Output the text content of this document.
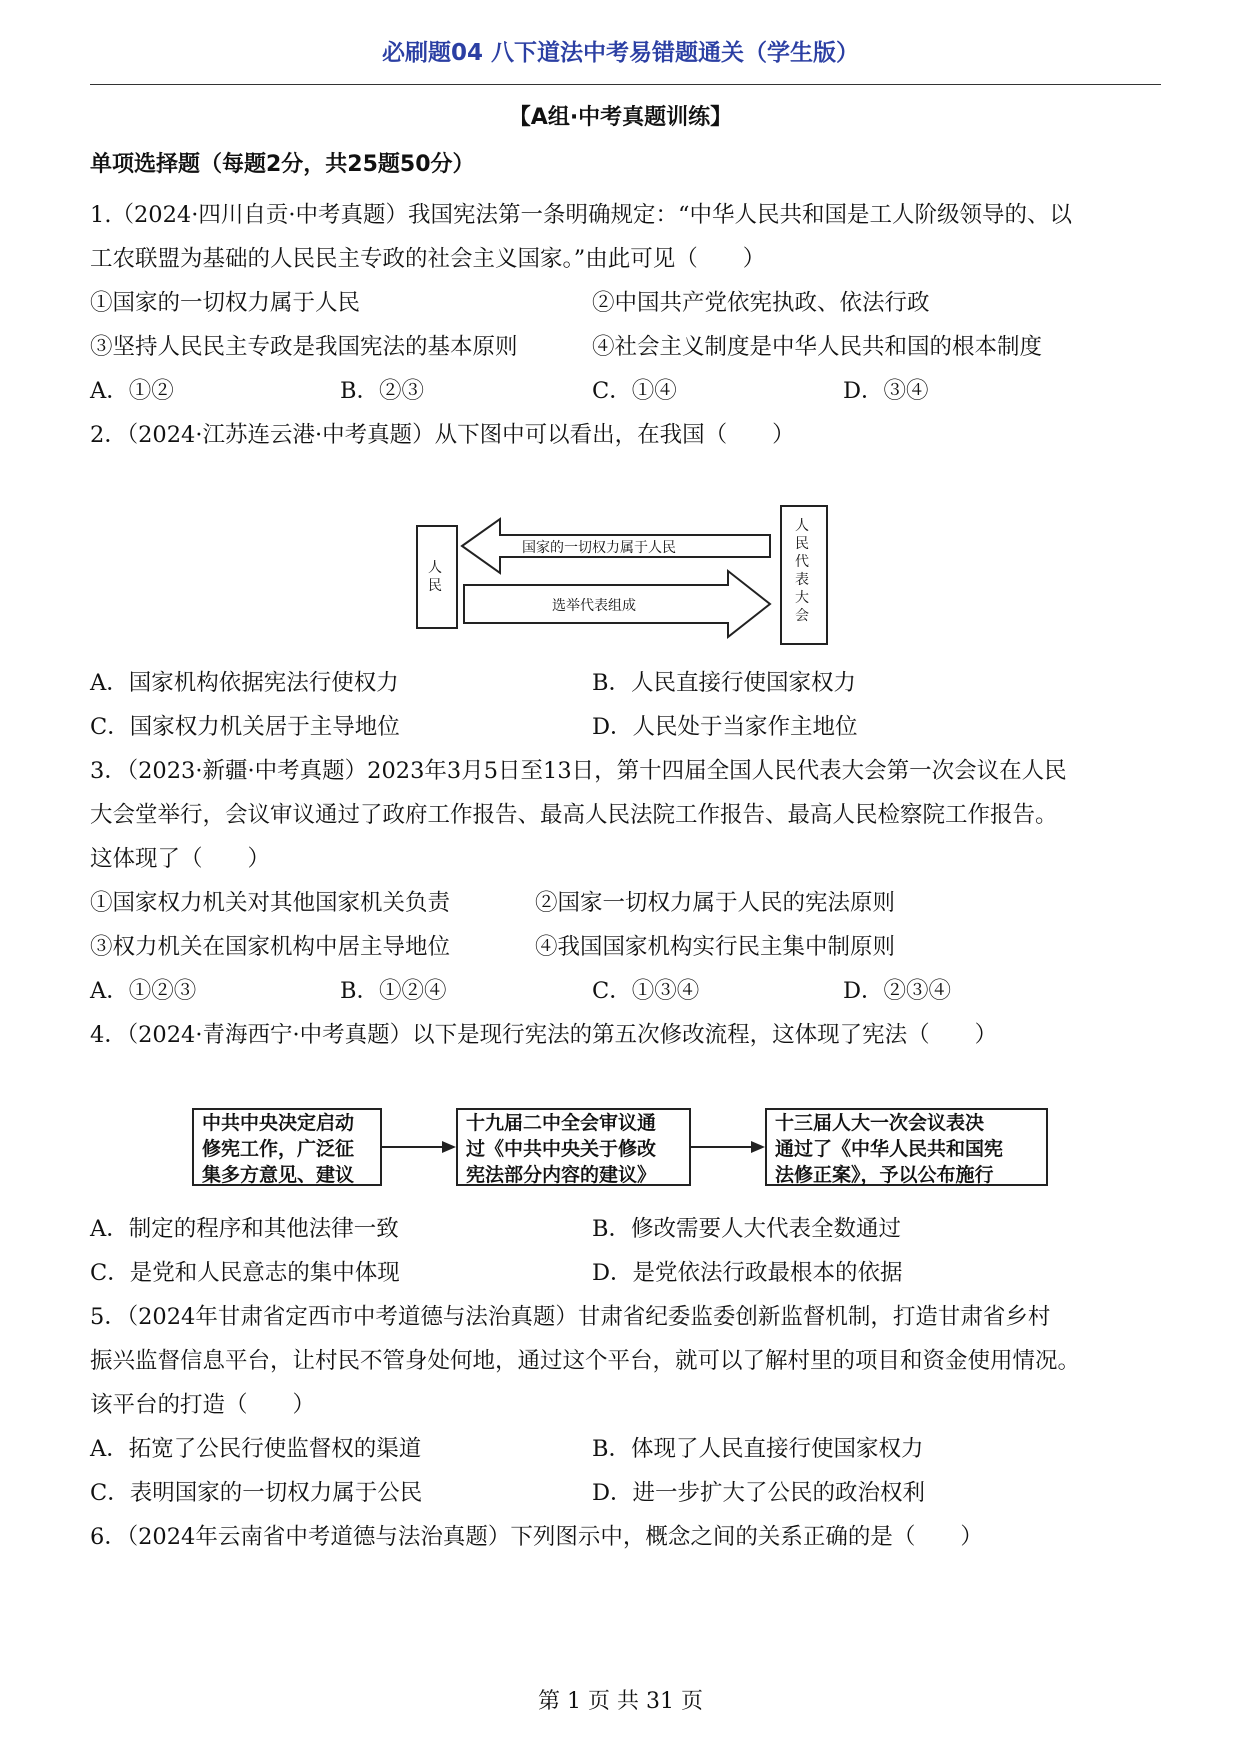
必刷题04 八下道法中考易错题通关（学生版）
【A组·中考真题训练】
单项选择题（每题2分，共25题50分）
1.（2024·四川自贡·中考真题）我国宪法第一条明确规定：“中华人民共和国是工人阶级领导的、以
工农联盟为基础的人民民主专政的社会主义国家。”由此可见（　　）
①国家的一切权力属于人民	②中国共产党依宪执政、依法行政
③坚持人民民主专政是我国宪法的基本原则	④社会主义制度是中华人民共和国的根本制度
A．①②	B．②③	C．①④	D．③④
2．（2024·江苏连云港·中考真题）从下图中可以看出，在我国（　　）
人民
国家的一切权力属于人民
选举代表组成
人民代表大会
A．国家机构依据宪法行使权力	B．人民直接行使国家权力
C．国家权力机关居于主导地位	D．人民处于当家作主地位
3．（2023·新疆·中考真题）2023年3月5日至13日，第十四届全国人民代表大会第一次会议在人民
大会堂举行，会议审议通过了政府工作报告、最高人民法院工作报告、最高人民检察院工作报告。
这体现了（　　）
①国家权力机关对其他国家机关负责	②国家一切权力属于人民的宪法原则
③权力机关在国家机构中居主导地位	④我国国家机构实行民主集中制原则
A．①②③	B．①②④	C．①③④	D．②③④
4．（2024·青海西宁·中考真题）以下是现行宪法的第五次修改流程，这体现了宪法（　　）
中共中央决定启动
修宪工作，广泛征
集多方意见、建议
十九届二中全会审议通
过《中共中央关于修改
宪法部分内容的建议》
十三届人大一次会议表决
通过了《中华人民共和国宪
法修正案》，予以公布施行
A．制定的程序和其他法律一致	B．修改需要人大代表全数通过
C．是党和人民意志的集中体现	D．是党依法行政最根本的依据
5．（2024年甘肃省定西市中考道德与法治真题）甘肃省纪委监委创新监督机制，打造甘肃省乡村
振兴监督信息平台，让村民不管身处何地，通过这个平台，就可以了解村里的项目和资金使用情况。
该平台的打造（　　）
A．拓宽了公民行使监督权的渠道	B．体现了人民直接行使国家权力
C．表明国家的一切权力属于公民	D．进一步扩大了公民的政治权利
6．（2024年云南省中考道德与法治真题）下列图示中，概念之间的关系正确的是（　　）
第 1 页 共 31 页
